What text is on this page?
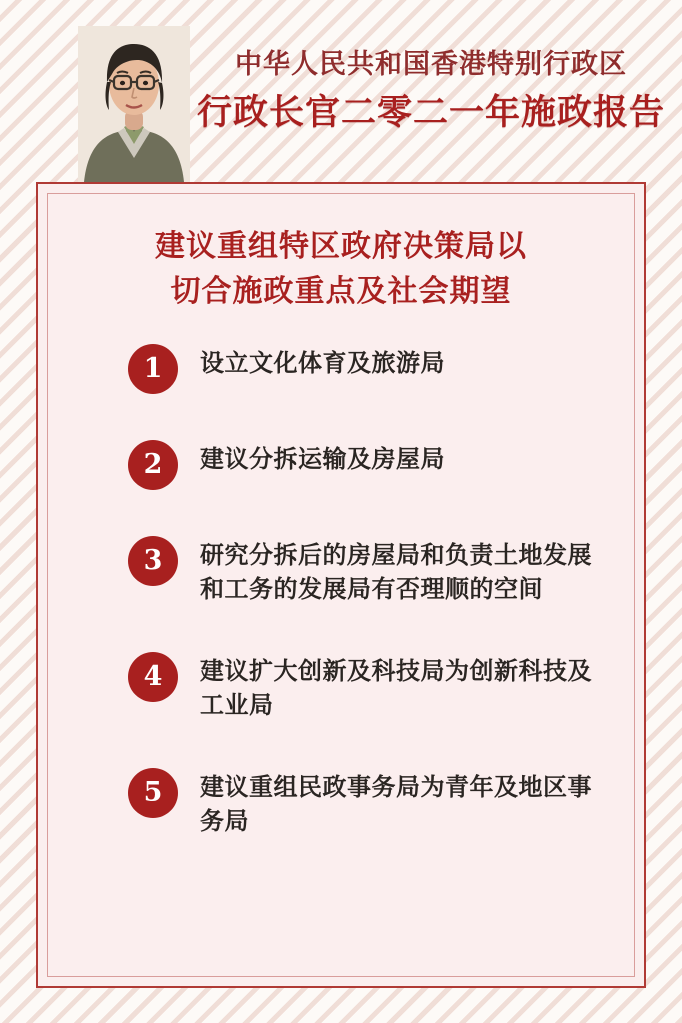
中华人民共和国香港特别行政区
行政长官二零二一年施政报告
建议重组特区政府决策局以
切合施政重点及社会期望
1	设立文化体育及旅游局
2	建议分拆运输及房屋局
3	研究分拆后的房屋局和负责土地发展和工务的发展局有否理顺的空间
4	建议扩大创新及科技局为创新科技及工业局
5	建议重组民政事务局为青年及地区事务局
